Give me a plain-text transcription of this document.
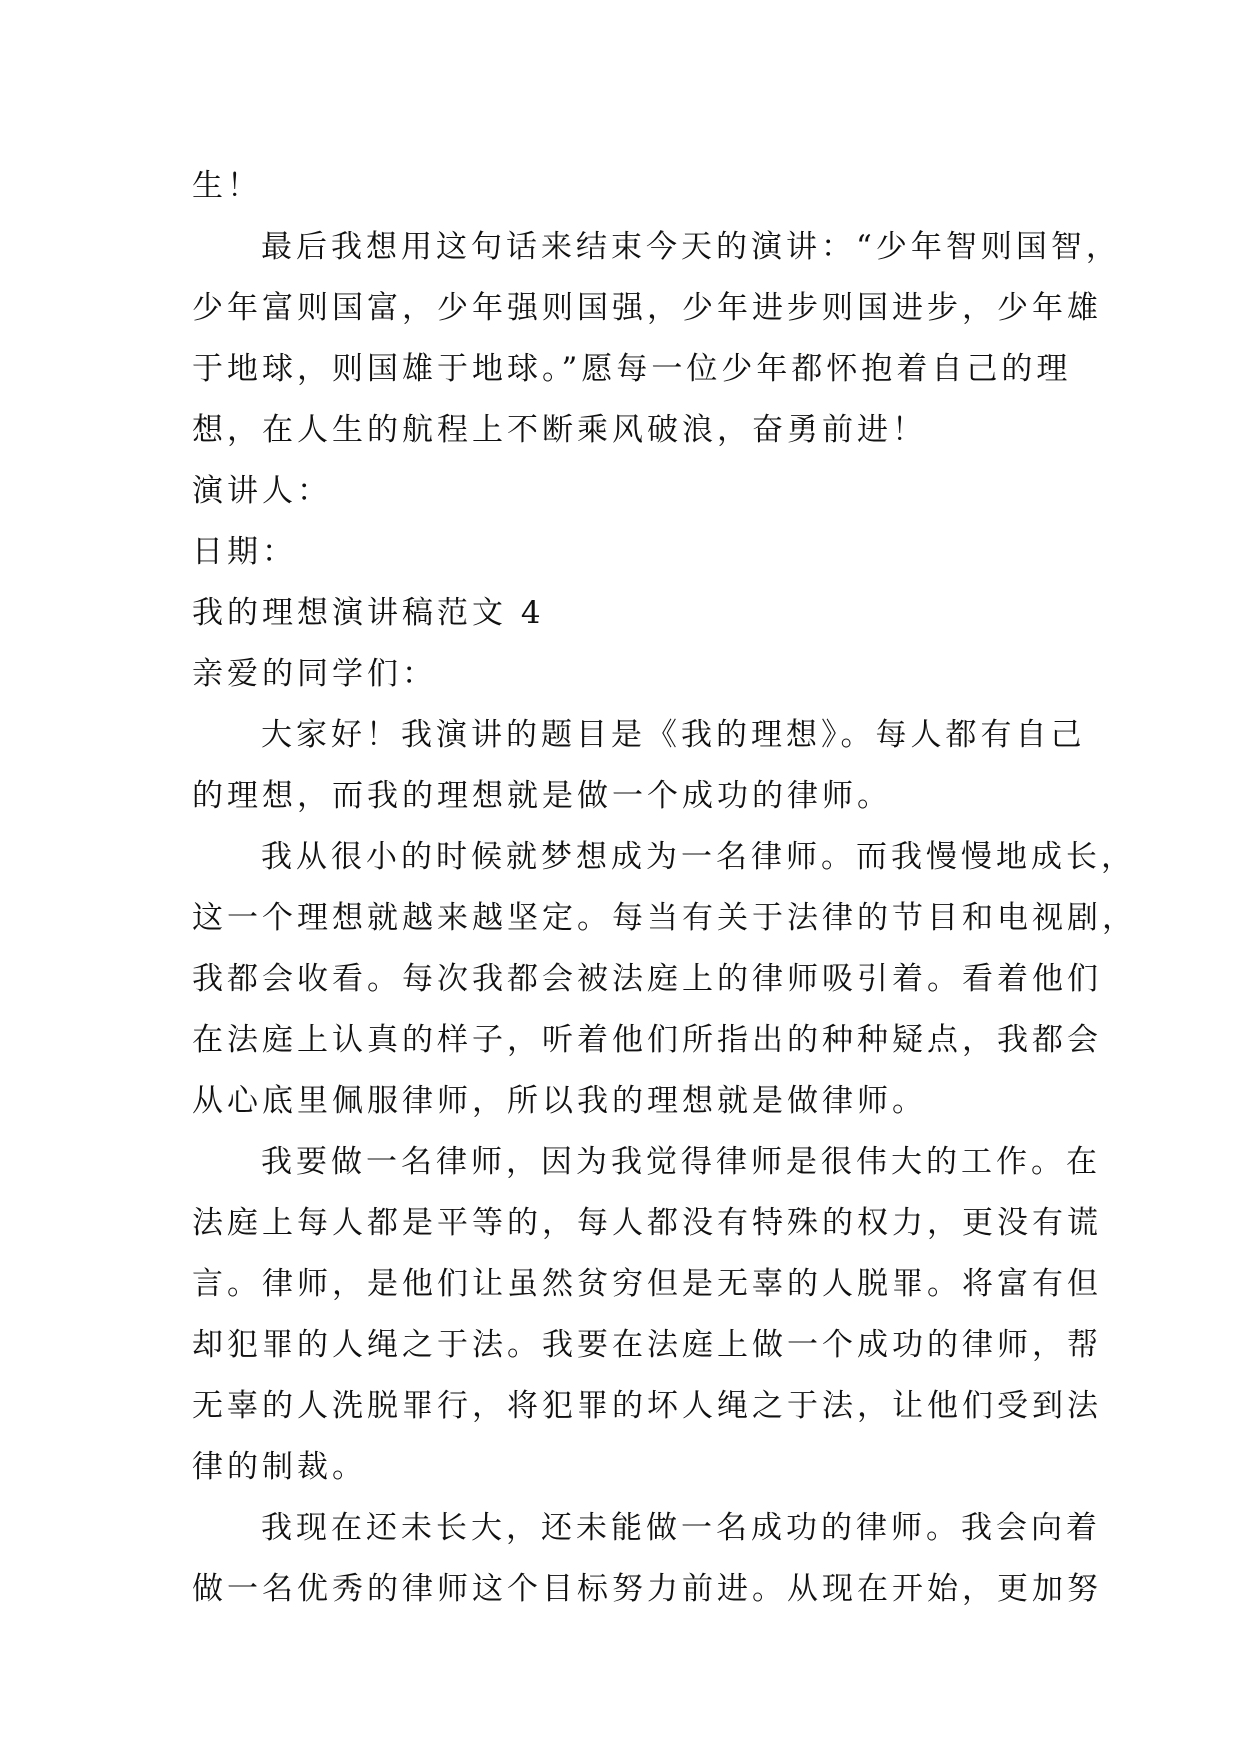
生！

最后我想用这句话来结束今天的演讲：“少年智则国智，

少年富则国富，少年强则国强，少年进步则国进步，少年雄

于地球，则国雄于地球。”愿每一位少年都怀抱着自己的理

想，在人生的航程上不断乘风破浪，奋勇前进！

演讲人：

日期：

我的理想演讲稿范文 4

亲爱的同学们：

大家好！我演讲的题目是《我的理想》。每人都有自己

的理想，而我的理想就是做一个成功的律师。

我从很小的时候就梦想成为一名律师。而我慢慢地成长，

这一个理想就越来越坚定。每当有关于法律的节目和电视剧，

我都会收看。每次我都会被法庭上的律师吸引着。看着他们

在法庭上认真的样子，听着他们所指出的种种疑点，我都会

从心底里佩服律师，所以我的理想就是做律师。

我要做一名律师，因为我觉得律师是很伟大的工作。在

法庭上每人都是平等的，每人都没有特殊的权力，更没有谎

言。律师，是他们让虽然贫穷但是无辜的人脱罪。将富有但

却犯罪的人绳之于法。我要在法庭上做一个成功的律师，帮

无辜的人洗脱罪行，将犯罪的坏人绳之于法，让他们受到法

律的制裁。

我现在还未长大，还未能做一名成功的律师。我会向着

做一名优秀的律师这个目标努力前进。从现在开始，更加努
